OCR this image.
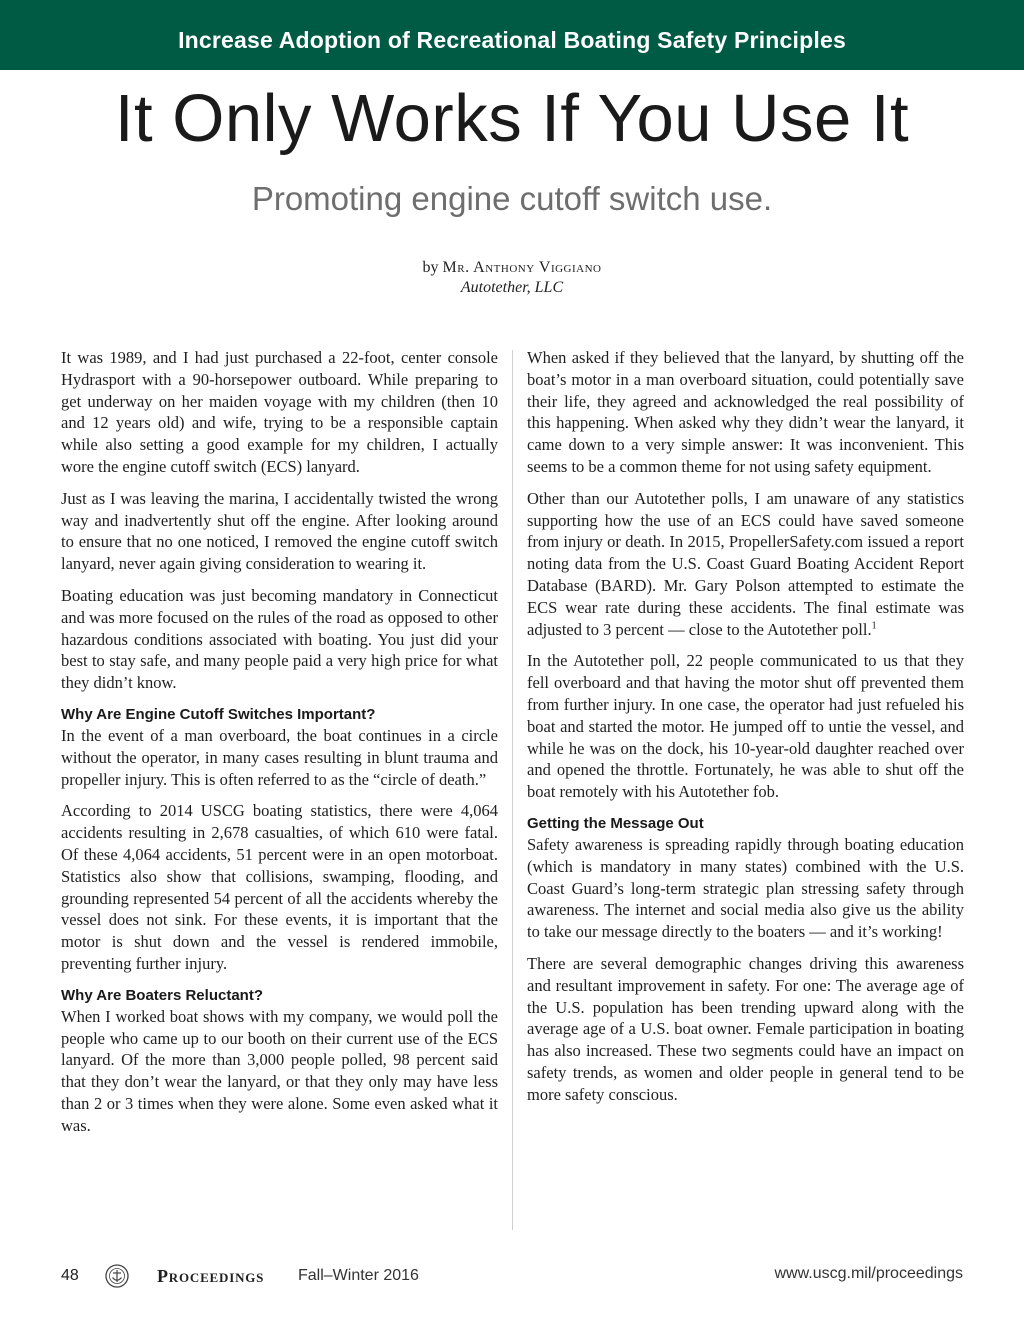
Increase Adoption of Recreational Boating Safety Principles
It Only Works If You Use It
Promoting engine cutoff switch use.
by Mr. Anthony Viggiano
Autotether, LLC

It was 1989, and I had just purchased a 22-foot, center console Hydrasport with a 90-horsepower outboard. While preparing to get underway on her maiden voyage with my children (then 10 and 12 years old) and wife, trying to be a responsible captain while also setting a good example for my children, I actually wore the engine cutoff switch (ECS) lanyard.

Just as I was leaving the marina, I accidentally twisted the wrong way and inadvertently shut off the engine. After looking around to ensure that no one noticed, I removed the engine cutoff switch lanyard, never again giving consideration to wearing it.

Boating education was just becoming mandatory in Connecticut and was more focused on the rules of the road as opposed to other hazardous conditions associated with boating. You just did your best to stay safe, and many people paid a very high price for what they didn’t know.

Why Are Engine Cutoff Switches Important?

In the event of a man overboard, the boat continues in a circle without the operator, in many cases resulting in blunt trauma and propeller injury. This is often referred to as the “circle of death.”

According to 2014 USCG boating statistics, there were 4,064 accidents resulting in 2,678 casualties, of which 610 were fatal. Of these 4,064 accidents, 51 percent were in an open motorboat. Statistics also show that collisions, swamping, flooding, and grounding represented 54 percent of all the accidents whereby the vessel does not sink. For these events, it is important that the motor is shut down and the vessel is rendered immobile, preventing further injury.

Why Are Boaters Reluctant?

When I worked boat shows with my company, we would poll the people who came up to our booth on their current use of the ECS lanyard. Of the more than 3,000 people polled, 98 percent said that they don’t wear the lanyard, or that they only may have less than 2 or 3 times when they were alone. Some even asked what it was.

When asked if they believed that the lanyard, by shutting off the boat’s motor in a man overboard situation, could potentially save their life, they agreed and acknowledged the real possibility of this happening. When asked why they didn’t wear the lanyard, it came down to a very simple answer: It was inconvenient. This seems to be a common theme for not using safety equipment.

Other than our Autotether polls, I am unaware of any statistics supporting how the use of an ECS could have saved someone from injury or death. In 2015, PropellerSafety.com issued a report noting data from the U.S. Coast Guard Boating Accident Report Database (BARD). Mr. Gary Polson attempted to estimate the ECS wear rate during these accidents. The final estimate was adjusted to 3 percent — close to the Autotether poll.$^1$

In the Autotether poll, 22 people communicated to us that they fell overboard and that having the motor shut off prevented them from further injury. In one case, the operator had just refueled his boat and started the motor. He jumped off to untie the vessel, and while he was on the dock, his 10-year-old daughter reached over and opened the throttle. Fortunately, he was able to shut off the boat remotely with his Autotether fob.

Getting the Message Out

Safety awareness is spreading rapidly through boating education (which is mandatory in many states) combined with the U.S. Coast Guard’s long-term strategic plan stressing safety through awareness. The internet and social media also give us the ability to take our message directly to the boaters — and it’s working!

There are several demographic changes driving this awareness and resultant improvement in safety. For one: The average age of the U.S. population has been trending upward along with the average age of a U.S. boat owner. Female participation in boating has also increased. These two segments could have an impact on safety trends, as women and older people in general tend to be more safety conscious.

48	Proceedings Fall–Winter 2016	www.uscg.mil/proceedings
